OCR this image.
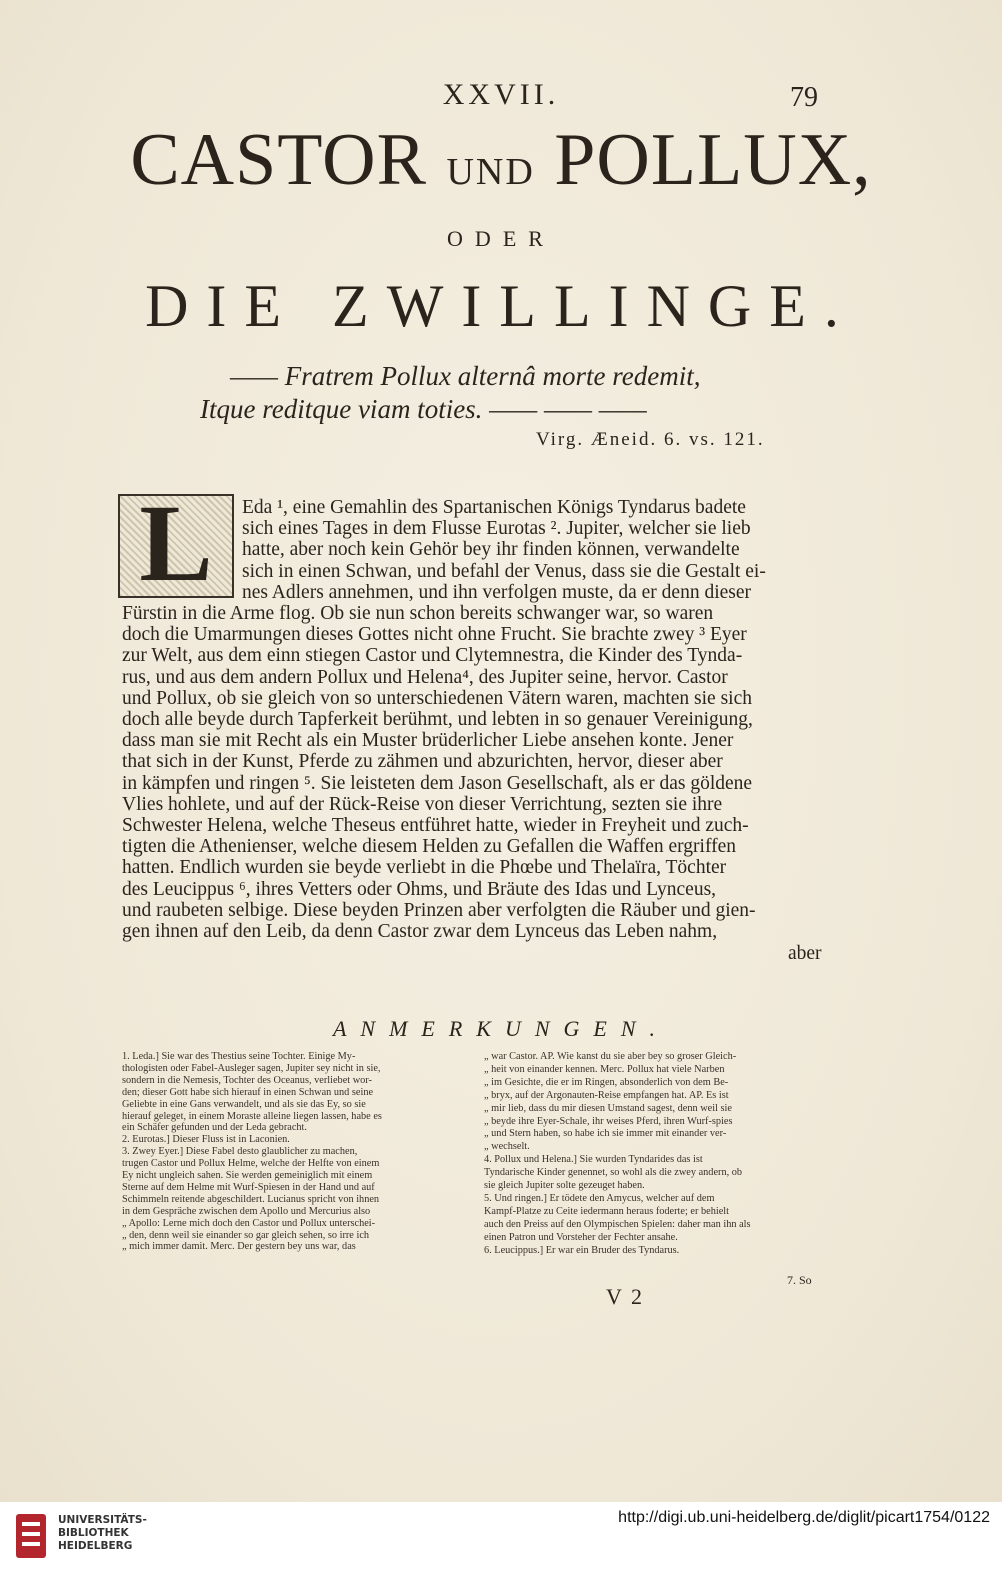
XXVII.	79
CASTOR UND POLLUX,
ODER
DIE ZWILLINGE.
—— Fratrem Pollux alternâ morte redemit,
Itque reditque viam toties. —— —— ——
Virg. Æneid. 6. vs. 121.
L	Eda ¹, eine Gemahlin des Spartanischen Königs Tyndarus badete
sich eines Tages in dem Flusse Eurotas ². Jupiter, welcher sie lieb
hatte, aber noch kein Gehör bey ihr finden können, verwandelte
sich in einen Schwan, und befahl der Venus, dass sie die Gestalt ei-
nes Adlers annehmen, und ihn verfolgen muste, da er denn dieser
Fürstin in die Arme flog. Ob sie nun schon bereits schwanger war, so waren
doch die Umarmungen dieses Gottes nicht ohne Frucht. Sie brachte zwey ³ Eyer
zur Welt, aus dem einn stiegen Castor und Clytemnestra, die Kinder des Tynda-
rus, und aus dem andern Pollux und Helena⁴, des Jupiter seine, hervor. Castor
und Pollux, ob sie gleich von so unterschiedenen Vätern waren, machten sie sich
doch alle beyde durch Tapferkeit berühmt, und lebten in so genauer Vereinigung,
dass man sie mit Recht als ein Muster brüderlicher Liebe ansehen konte. Jener
that sich in der Kunst, Pferde zu zähmen und abzurichten, hervor, dieser aber
in kämpfen und ringen ⁵. Sie leisteten dem Jason Gesellschaft, als er das göldene
Vlies hohlete, und auf der Rück-Reise von dieser Verrichtung, sezten sie ihre
Schwester Helena, welche Theseus entführet hatte, wieder in Freyheit und zuch-
tigten die Athenienser, welche diesem Helden zu Gefallen die Waffen ergriffen
hatten. Endlich wurden sie beyde verliebt in die Phœbe und Thelaïra, Töchter
des Leucippus ⁶, ihres Vetters oder Ohms, und Bräute des Idas und Lynceus,
und raubeten selbige. Diese beyden Prinzen aber verfolgten die Räuber und gien-
gen ihnen auf den Leib, da denn Castor zwar dem Lynceus das Leben nahm,
aber
ANMERKUNGEN.
1. Leda.] Sie war des Thestius seine Tochter. Einige My-
thologisten oder Fabel-Ausleger sagen, Jupiter sey nicht in sie,
sondern in die Nemesis, Tochter des Oceanus, verliebet wor-
den; dieser Gott habe sich hierauf in einen Schwan und seine
Geliebte in eine Gans verwandelt, und als sie das Ey, so sie
hierauf geleget, in einem Moraste alleine liegen lassen, habe es
ein Schäfer gefunden und der Leda gebracht.
2. Eurotas.] Dieser Fluss ist in Laconien.
3. Zwey Eyer.] Diese Fabel desto glaublicher zu machen,
trugen Castor und Pollux Helme, welche der Helfte von einem
Ey nicht ungleich sahen. Sie werden gemeiniglich mit einem
Sterne auf dem Helme mit Wurf-Spiesen in der Hand und auf
Schimmeln reitende abgeschildert. Lucianus spricht von ihnen
in dem Gespräche zwischen dem Apollo und Mercurius also
„ Apollo: Lerne mich doch den Castor und Pollux unterschei-
„ den, denn weil sie einander so gar gleich sehen, so irre ich
„ mich immer damit. Merc. Der gestern bey uns war, das
„ war Castor. AP. Wie kanst du sie aber bey so groser Gleich-
„ heit von einander kennen. Merc. Pollux hat viele Narben
„ im Gesichte, die er im Ringen, absonderlich von dem Be-
„ bryx, auf der Argonauten-Reise empfangen hat. AP. Es ist
„ mir lieb, dass du mir diesen Umstand sagest, denn weil sie
„ beyde ihre Eyer-Schale, ihr weises Pferd, ihren Wurf-spies
„ und Stern haben, so habe ich sie immer mit einander ver-
„ wechselt.
4. Pollux und Helena.] Sie wurden Tyndarides das ist
Tyndarische Kinder genennet, so wohl als die zwey andern, ob
sie gleich Jupiter solte gezeuget haben.
5. Und ringen.] Er tödete den Amycus, welcher auf dem
Kampf-Platze zu Ceite iedermann heraus foderte; er behielt
auch den Preiss auf den Olympischen Spielen: daher man ihn als
einen Patron und Vorsteher der Fechter ansahe.
6. Leucippus.] Er war ein Bruder des Tyndarus.
7. So
V 2
UNIVERSITÄTS-
BIBLIOTHEK
HEIDELBERG
http://digi.ub.uni-heidelberg.de/diglit/picart1754/0122
